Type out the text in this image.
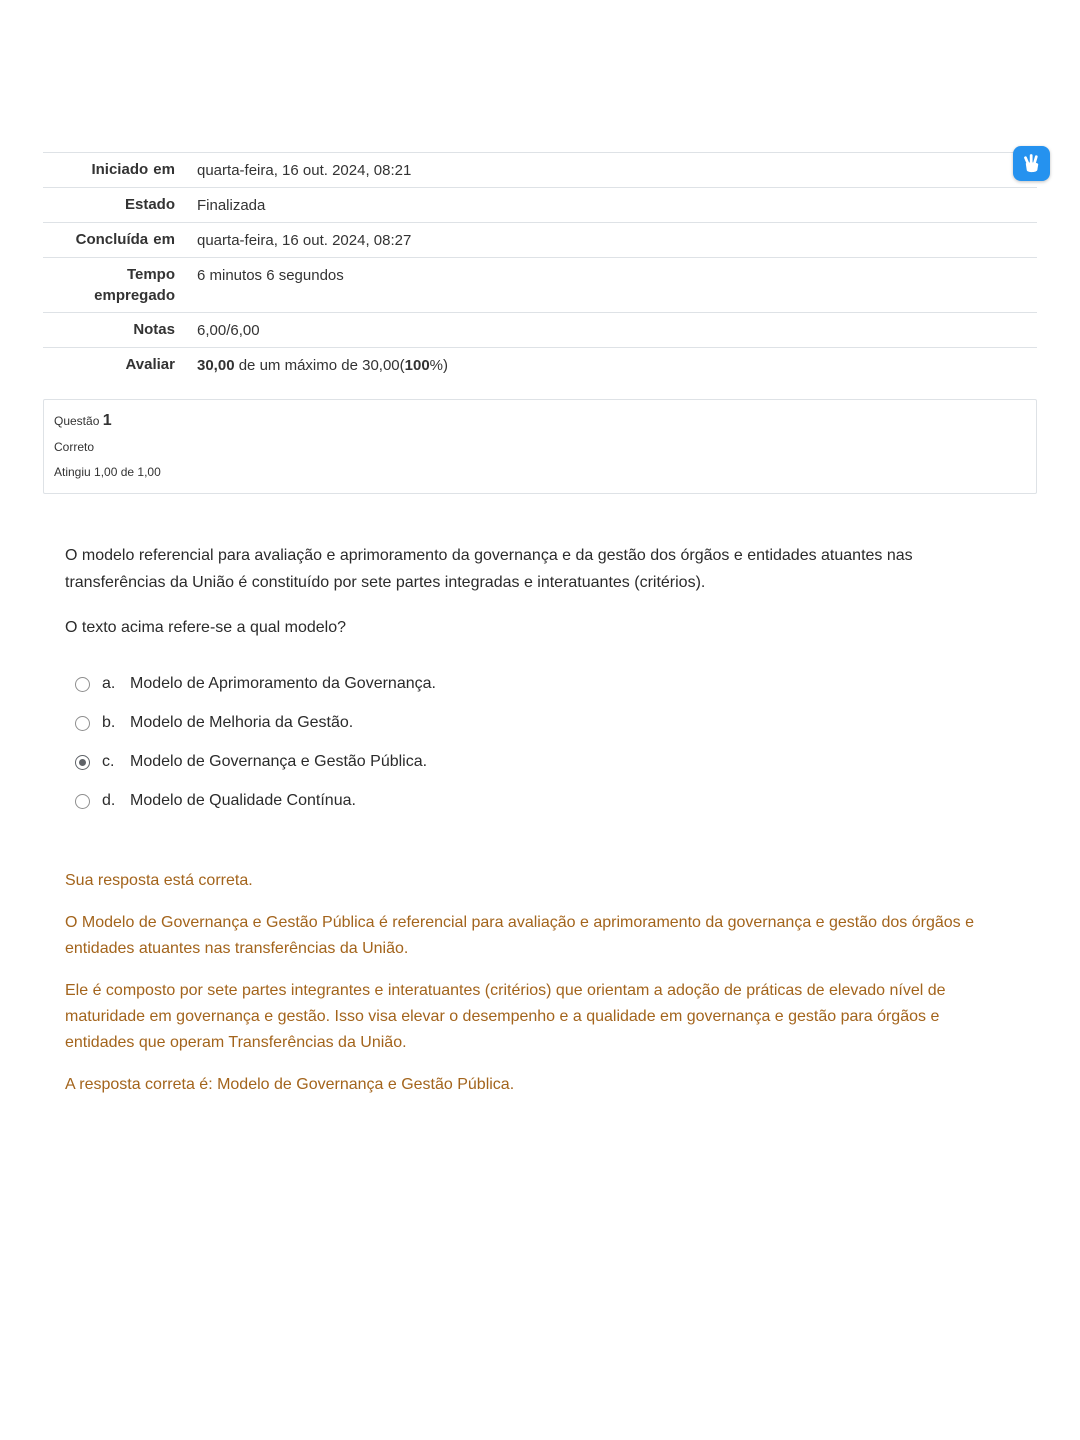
Iniciado em quarta-feira, 16 out. 2024, 08:21
Estado Finalizada
Concluída em quarta-feira, 16 out. 2024, 08:27
Tempo empregado
6 minutos 6 segundos
Notas 6,00/6,00
Avaliar 30,00 de um máximo de 30,00(100%)
Questão 1
Correto
Atingiu 1,00 de 1,00

O modelo referencial para avaliação e aprimoramento da governança e da gestão dos órgãos e entidades atuantes nas transferências da União é constituído por sete partes integradas e interatuantes (critérios).

O texto acima refere-se a qual modelo?

a. Modelo de Aprimoramento da Governança.
b. Modelo de Melhoria da Gestão.
c. Modelo de Governança e Gestão Pública.
d. Modelo de Qualidade Contínua.

Sua resposta está correta.

O Modelo de Governança e Gestão Pública é referencial para avaliação e aprimoramento da governança e gestão dos órgãos e entidades atuantes nas transferências da União.

Ele é composto por sete partes integrantes e interatuantes (critérios) que orientam a adoção de práticas de elevado nível de maturidade em governança e gestão. Isso visa elevar o desempenho e a qualidade em governança e gestão para órgãos e entidades que operam Transferências da União.

A resposta correta é: Modelo de Governança e Gestão Pública.
